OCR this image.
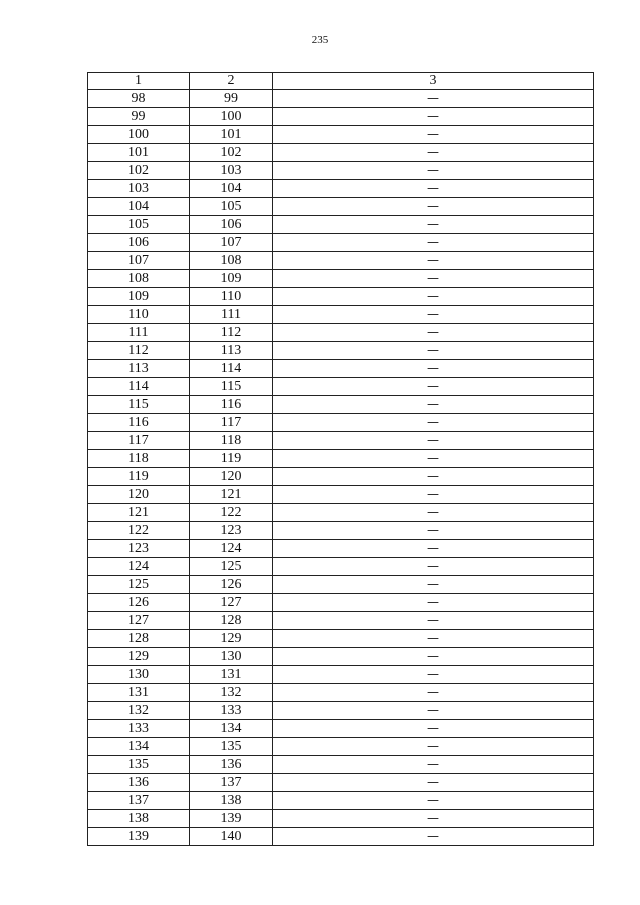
235
1	2	3
98	99	—
99	100	—
100	101	—
101	102	—
102	103	—
103	104	—
104	105	—
105	106	—
106	107	—
107	108	—
108	109	—
109	110	—
110	111	—
111	112	—
112	113	—
113	114	—
114	115	—
115	116	—
116	117	—
117	118	—
118	119	—
119	120	—
120	121	—
121	122	—
122	123	—
123	124	—
124	125	—
125	126	—
126	127	—
127	128	—
128	129	—
129	130	—
130	131	—
131	132	—
132	133	—
133	134	—
134	135	—
135	136	—
136	137	—
137	138	—
138	139	—
139	140	—
